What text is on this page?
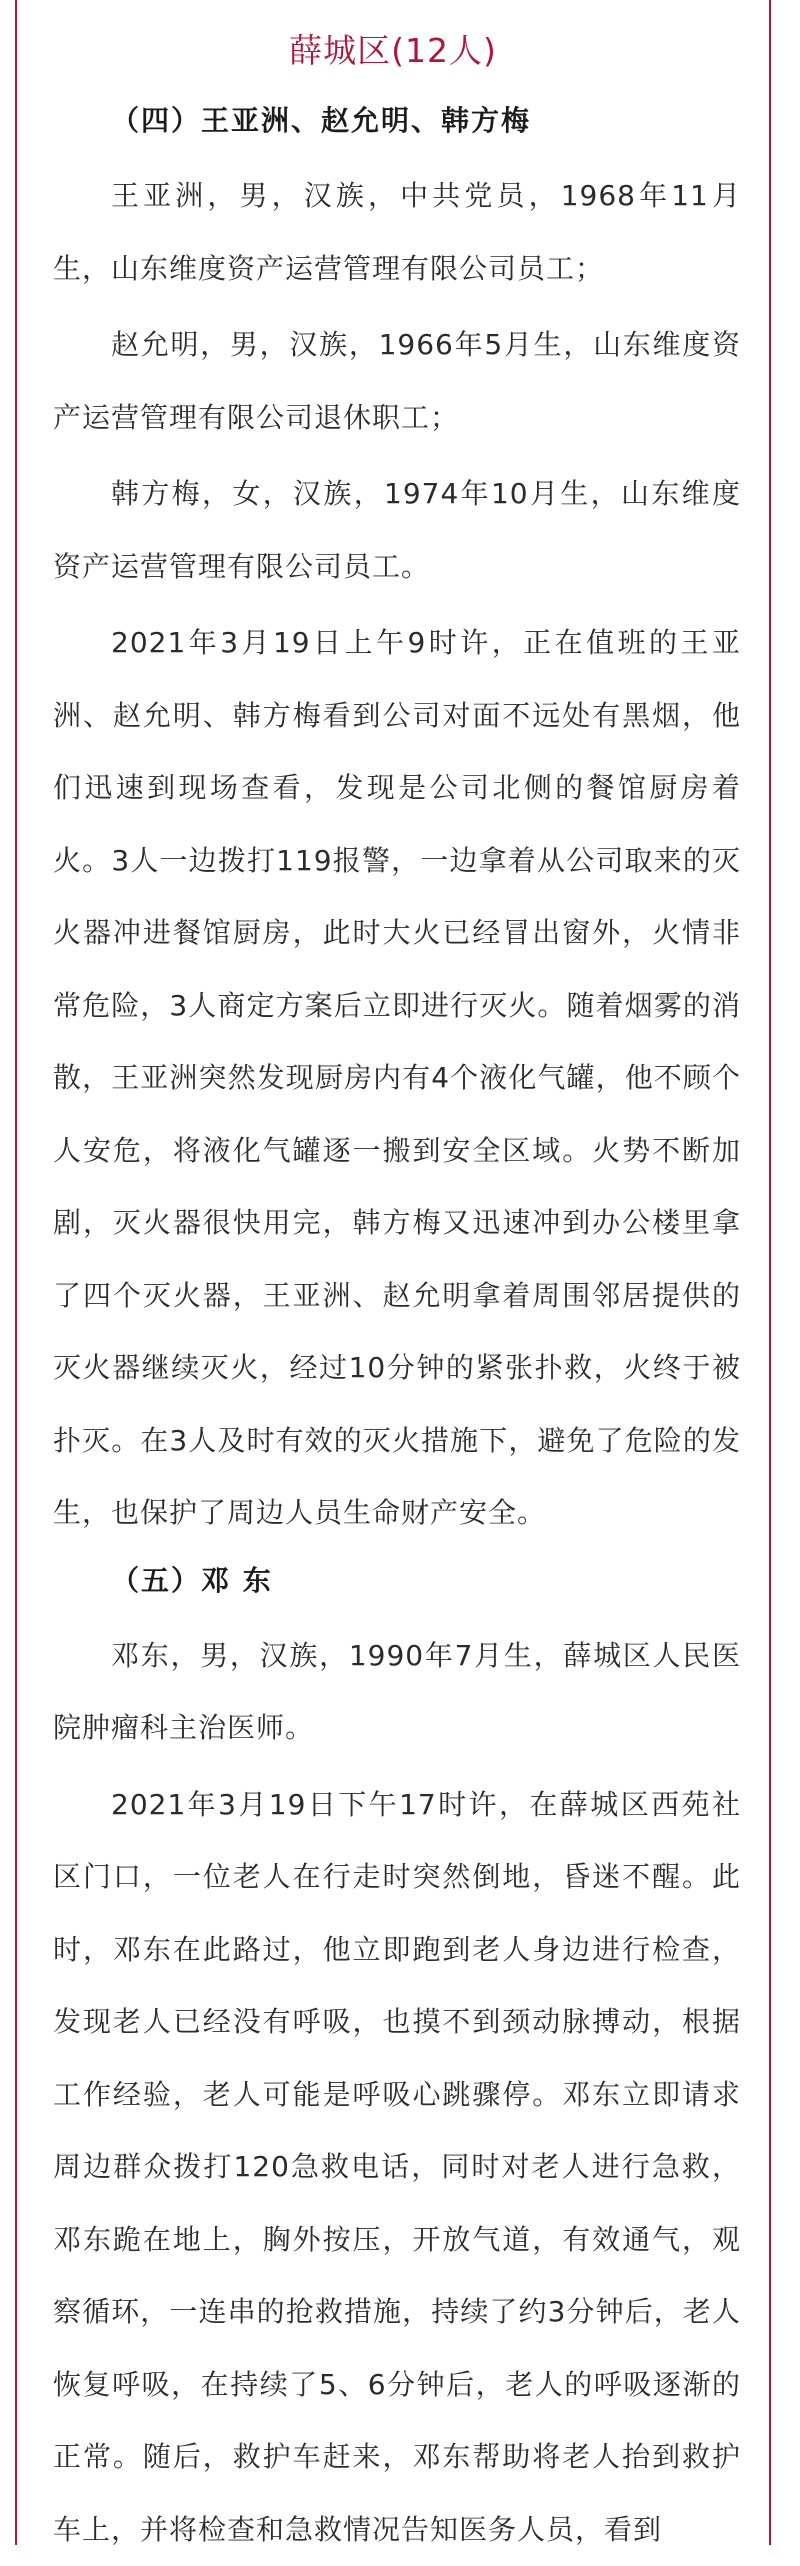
薛城区(12人)
（四）王亚洲、赵允明、韩方梅

王亚洲，男，汉族，中共党员，1968年11月生，山东维度资产运营管理有限公司员工；

赵允明，男，汉族，1966年5月生，山东维度资产运营管理有限公司退休职工；

韩方梅，女，汉族，1974年10月生，山东维度资产运营管理有限公司员工。

2021年3月19日上午9时许，正在值班的王亚洲、赵允明、韩方梅看到公司对面不远处有黑烟，他们迅速到现场查看，发现是公司北侧的餐馆厨房着火。3人一边拨打119报警，一边拿着从公司取来的灭火器冲进餐馆厨房，此时大火已经冒出窗外，火情非常危险，3人商定方案后立即进行灭火。随着烟雾的消散，王亚洲突然发现厨房内有4个液化气罐，他不顾个人安危，将液化气罐逐一搬到安全区域。火势不断加剧，灭火器很快用完，韩方梅又迅速冲到办公楼里拿了四个灭火器，王亚洲、赵允明拿着周围邻居提供的灭火器继续灭火，经过10分钟的紧张扑救，火终于被扑灭。在3人及时有效的灭火措施下，避免了危险的发生，也保护了周边人员生命财产安全。

（五）邓 东

邓东，男，汉族，1990年7月生，薛城区人民医院肿瘤科主治医师。

2021年3月19日下午17时许，在薛城区西苑社区门口，一位老人在行走时突然倒地，昏迷不醒。此时，邓东在此路过，他立即跑到老人身边进行检查，发现老人已经没有呼吸，也摸不到颈动脉搏动，根据工作经验，老人可能是呼吸心跳骤停。邓东立即请求周边群众拨打120急救电话，同时对老人进行急救，邓东跪在地上，胸外按压，开放气道，有效通气，观察循环，一连串的抢救措施，持续了约3分钟后，老人恢复呼吸，在持续了5、6分钟后，老人的呼吸逐渐的正常。随后，救护车赶来，邓东帮助将老人抬到救护车上，并将检查和急救情况告知医务人员，看到
